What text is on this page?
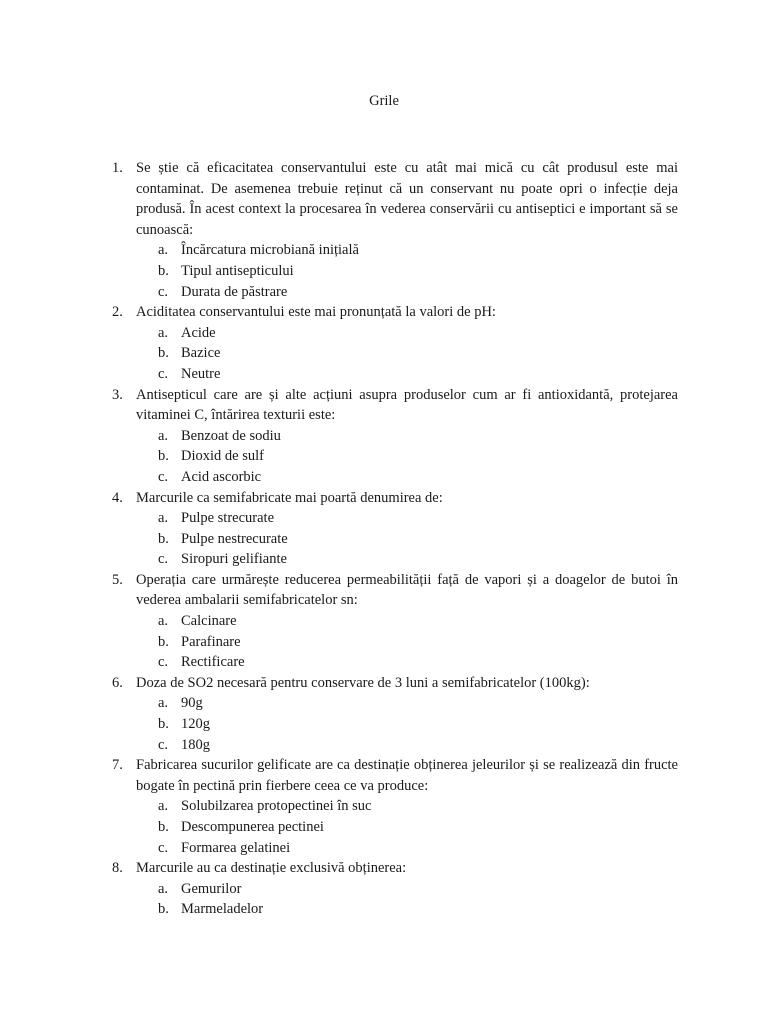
Grile
1. Se știe că eficacitatea conservantului este cu atât mai mică cu cât produsul este mai contaminat. De asemenea trebuie reținut că un conservant nu poate opri o infecție deja produsă. În acest context la procesarea în vederea conservării cu antiseptici e important să se cunoască:
a. Încărcatura microbiană inițială
b. Tipul antisepticului
c. Durata de păstrare
2. Aciditatea conservantului este mai pronunțată la valori de pH:
a. Acide
b. Bazice
c. Neutre
3. Antisepticul care are și alte acțiuni asupra produselor cum ar fi antioxidantă, protejarea vitaminei C, întărirea texturii este:
a. Benzoat de sodiu
b. Dioxid de sulf
c. Acid ascorbic
4. Marcurile ca semifabricate mai poartă denumirea de:
a. Pulpe strecurate
b. Pulpe nestrecurate
c. Siropuri gelifiante
5. Operația care urmărește reducerea permeabilității față de vapori și a doagelor de butoi în vederea ambalarii semifabricatelor sn:
a. Calcinare
b. Parafinare
c. Rectificare
6. Doza de SO2 necesară pentru conservare de 3 luni a semifabricatelor (100kg):
a. 90g
b. 120g
c. 180g
7. Fabricarea sucurilor gelificate are ca destinație obținerea jeleurilor și se realizează din fructe bogate în pectină prin fierbere ceea ce va produce:
a. Solubilzarea protopectinei în suc
b. Descompunerea pectinei
c. Formarea gelatinei
8. Marcurile au ca destinație exclusivă obținerea:
a. Gemurilor
b. Marmeladelor
